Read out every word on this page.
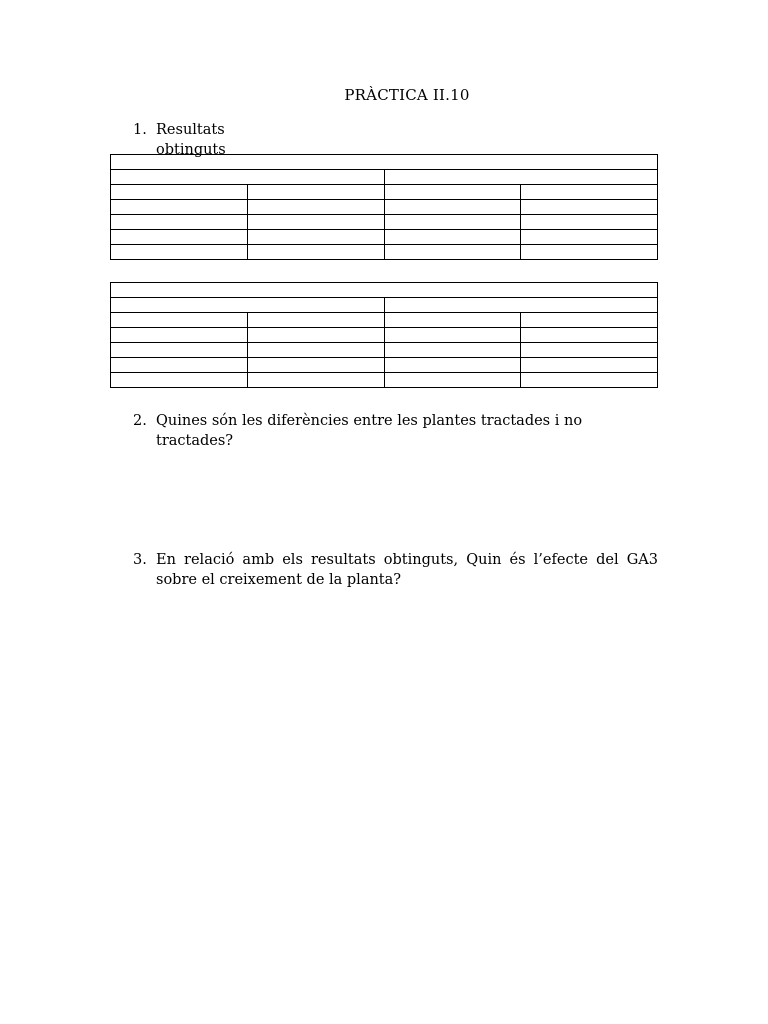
PRÀCTICA II.10
1. Resultats obtinguts

2. Quines són les diferències entre les plantes tractades i no tractades?
3. En relació amb els resultats obtinguts, Quin és l’efecte del GA3 sobre el creixement de la planta?
